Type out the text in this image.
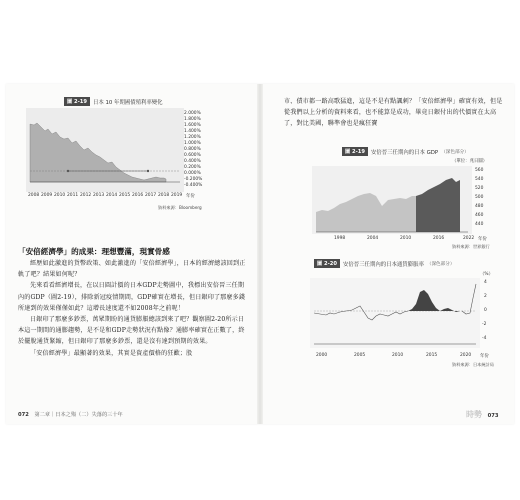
圖 2-19	日本 10 年期國債殖利率變化
2.000%
1.800%
1.600%
1.400%
1.200%
1.000%
0.800%
0.600%
0.400%
0.200%
0.000%
-0.200%
-0.400%
2008 2009 2010 2011 2012 2013 2014 2015 2016 2017 2018 2019 年份
資料來源：Bloomberg
「安倍經濟學」的成果：理想豐滿，現實骨感

經歷如此激進的貨幣政策、如此激進的「安倍經濟學」，日本的經濟總該回到正軌了吧？結果如何呢？

先來看看經濟增長，在以日圓計價的日本GDP走勢圖中，我標出安倍晉三任期內的GDP（圖2-19），排除新冠疫情期間，GDP確實在增長，但日銀印了那麼多錢所達到的效果僅僅如此？這增長速度還不如2008年之前呢！

日銀印了那麼多鈔票，萬眾期盼的通貨膨脹總該到來了吧？觀察圖2-20所示日本這一期間的通膨趨勢，是不是和GDP走勢狀況有點像？通膨率確實在正數了，終於擺脫通貨緊縮，但日銀印了那麼多鈔票，還是沒有達到預期的效果。

「安倍經濟學」最顯著的效果，其實是資產價格的狂歡；股

072 第二章｜日本之殤（二）失落的三十年

市、債市都一路高歌猛進，這是不是有點諷刺？「安倍經濟學」確實有效，但是從我們以上分析的資料來看，也不能算是成功，畢竟日銀付出的代價實在太高了，對比美國，聯準會也是瘋狂寶

圖 2-19	安倍晉三任期內的日本 GDP （深色部分）
（單位：兆日圓）
560
540
520
500
480
460
440
1998	2004	2010	2016	2022 年份
資料來源：世界銀行
圖 2-20	安倍晉三任期內的日本通貨膨脹率 （深色部分）
（%）
4
2
0
-2
-4
2000	2005	2010	2015	2020 年份
資料來源：日本統計局
時勢 073
